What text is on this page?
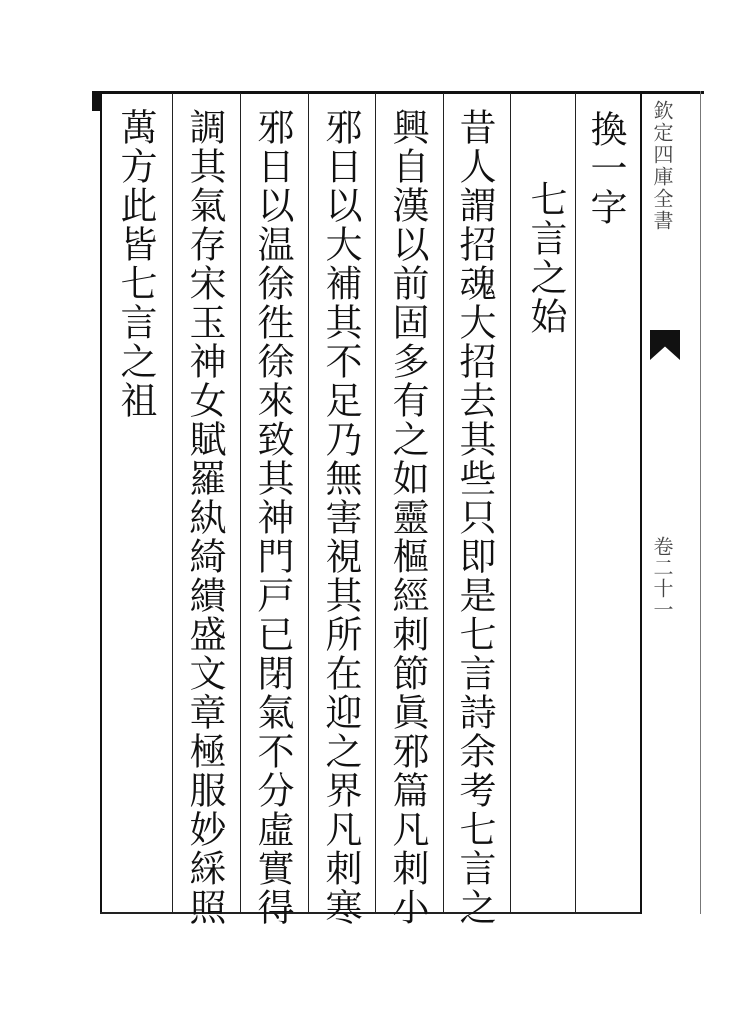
換一字
七言之始
昔人謂招魂大招去其些只即是七言詩余考七言之
興自漢以前固多有之如靈樞經刺節眞邪篇凡刺小
邪日以大補其不足乃無害視其所在迎之界凡刺寒
邪日以温徐徃徐來致其神門戸已閉氣不分虛實得
調其氣存宋玉神女賦羅紈綺繢盛文章極服妙綵照
萬方此皆七言之祖	欽定四庫全書
卷二十一
